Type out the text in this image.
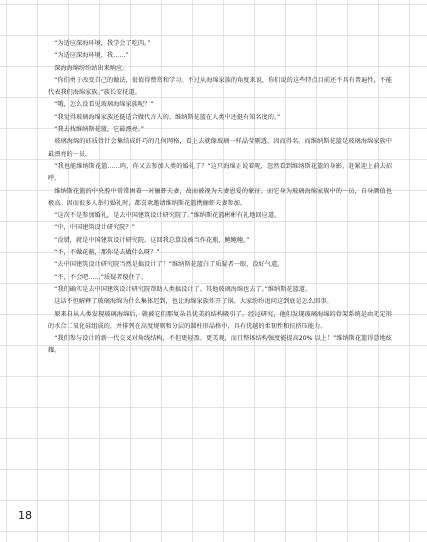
　“为适应深海环境，我学会了吃肉。”

　“为适应深海环境，我……”

　深海海绵纷纷站出来响应。

　“你们勇于改变自己的做法，很值得赞赏和学习。不过从海绵家族的角度来说，你们说的这些特点目前还不具有普遍性，不能代表我们海绵家族。”族长安抚道。

　“哦，怎么没看见玻璃海绵家族呢？”

　“我觉得玻璃海绵家族还挺适合做代言人的。维纳斯花篮在人类中还挺有知名度的。”

　“我去找维纳斯花篮，它最漂亮。”

　玻璃海绵的硅质骨针会集结成纤巧的几何网格，看上去就像玻璃一样晶莹剔透，因而得名。而维纳斯花篮是玻璃海绵家族中最漂亮的一员。

　“我也能维纳斯花篮……呜，你又去参加人类的婚礼了？”这只海绵正说着呢，忽然看到维纳斯花篮的身影，赶紧迎上前去招呼。

　维纳斯花篮的中央腔中常常困着一对俪虾夫妻，故而被视为夫妻恩爱的象征。而它身为玻璃海绵家族中的一员，自身颜值也极高。因而很多人举行婚礼时，都喜欢邀请维纳斯花篮携俪虾夫妻参加。

　“这次不是参加婚礼，是去中国建筑设计研究院了。”维纳斯花篮彬彬有礼地回应道。

　“中，中国建筑设计研究院？”

　“没错，就是中国建筑设计研究院。这回我总算没被当作花瓶，鲍鲍鲍。”

　“不，不做花瓶，那你是去做什么呀？”

　“去中国建筑设计研究院当然是搞设计了！”维纳斯花篮白了质疑者一眼，没好气道。

　“不，不会吧……”质疑者傻住了。

　“我们确实是去中国建筑设计研究院帮助人类搞设计了。其他玻璃海绵也去了。”维纳斯花篮道。

　这话不但解释了玻璃海绵为什么集体迟到，也让海绵家族炸开了锅。大家纷纷追问这到底是怎么回事。

　原来自从人类发现玻璃海绵后，就被它们那复杂且优美的结构吸引了。经过研究，他们发现玻璃海绵的骨架系统是由无定形的水合二氧化硅组成的，并排列在高度规则和分层的圆柱形晶格中，具有优越的柔韧性和抗挤压能力。

　“我们参与设计的新一代交叉对角线结构，不但更轻盈、更美观，而且整体结构强度能提高20% 以上！”维纳斯花篮得意地炫耀。

18
